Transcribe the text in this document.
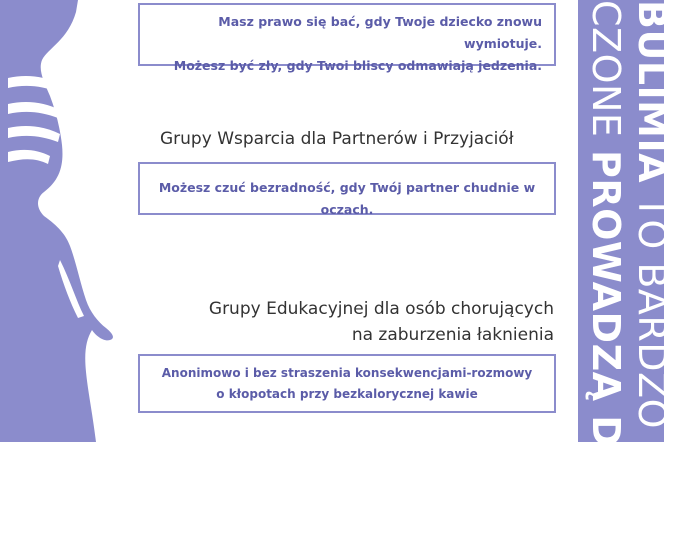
Masz prawo się bać, gdy Twoje dziecko znowu wymiotuje.
Możesz być zły, gdy Twoi bliscy odmawiają jedzenia.
Grupy Wsparcia dla Partnerów i Przyjaciół
Możesz czuć bezradność, gdy Twój partner chudnie w oczach.
Grupy Edukacyjnej dla osób chorujących
na zaburzenia łaknienia
Anonimowo i bez straszenia konsekwencjami-rozmowy
o kłopotach przy bezkalorycznej kawie
BULIMIA TO BARDZO GRO
CZONE PROWADZĄ DO ŚM
